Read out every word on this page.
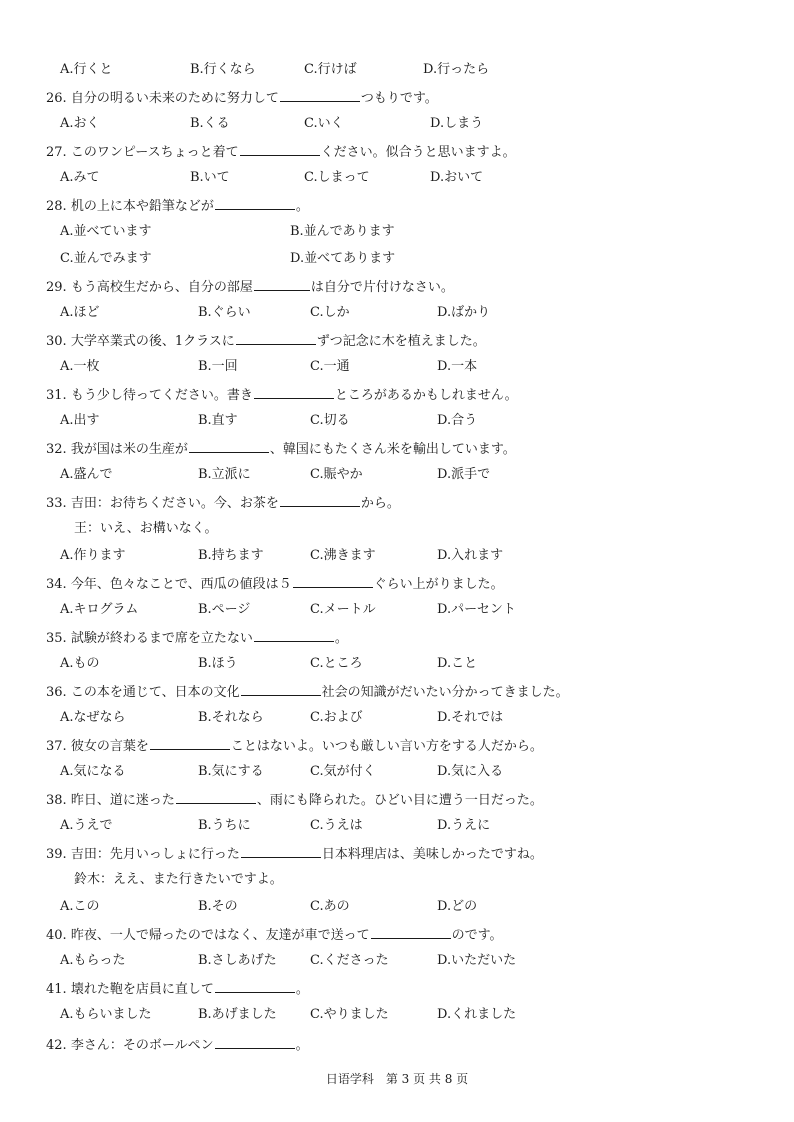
A.行くと	B.行くなら	C.行けば	D.行ったら
26. 自分の明るい未来のために努力して	つもりです。
A.おく	B.くる	C.いく	D.しまう
27. このワンピースちょっと着て	ください。似合うと思いますよ。
A.みて	B.いて	C.しまって	D.おいて
28. 机の上に本や鉛筆などが	。
A.並べています	B.並んであります
C.並んでみます	D.並べてあります
29. もう高校生だから、自分の部屋	は自分で片付けなさい。
A.ほど	B.ぐらい	C.しか	D.ばかり
30. 大学卒業式の後、1クラスに	ずつ記念に木を植えました。
A.一枚	B.一回	C.一通	D.一本
31. もう少し待ってください。書き	ところがあるかもしれません。
A.出す	B.直す	C.切る	D.合う
32. 我が国は米の生産が	、韓国にもたくさん米を輸出しています。
A.盛んで	B.立派に	C.賑やか	D.派手で
33. 吉田：お待ちください。今、お茶を	から。
王：いえ、お構いなく。
A.作ります	B.持ちます	C.沸きます	D.入れます
34. 今年、色々なことで、西瓜の値段は５	ぐらい上がりました。
A.キログラム	B.ページ	C.メートル	D.パーセント
35. 試験が終わるまで席を立たない	。
A.もの	B.ほう	C.ところ	D.こと
36. この本を通じて、日本の文化	社会の知識がだいたい分かってきました。
A.なぜなら	B.それなら	C.および	D.それでは
37. 彼女の言葉を	ことはないよ。いつも厳しい言い方をする人だから。
A.気になる	B.気にする	C.気が付く	D.気に入る
38. 昨日、道に迷った	、雨にも降られた。ひどい目に遭う一日だった。
A.うえで	B.うちに	C.うえは	D.うえに
39. 吉田：先月いっしょに行った	日本料理店は、美味しかったですね。
鈴木：ええ、また行きたいですよ。
A.この	B.その	C.あの	D.どの
40. 昨夜、一人で帰ったのではなく、友達が車で送って	のです。
A.もらった	B.さしあげた	C.くださった	D.いただいた
41. 壊れた鞄を店員に直して	。
A.もらいました	B.あげました	C.やりました	D.くれました
42. 李さん：そのボールペン	。
日语学科　第 3 页 共 8 页
